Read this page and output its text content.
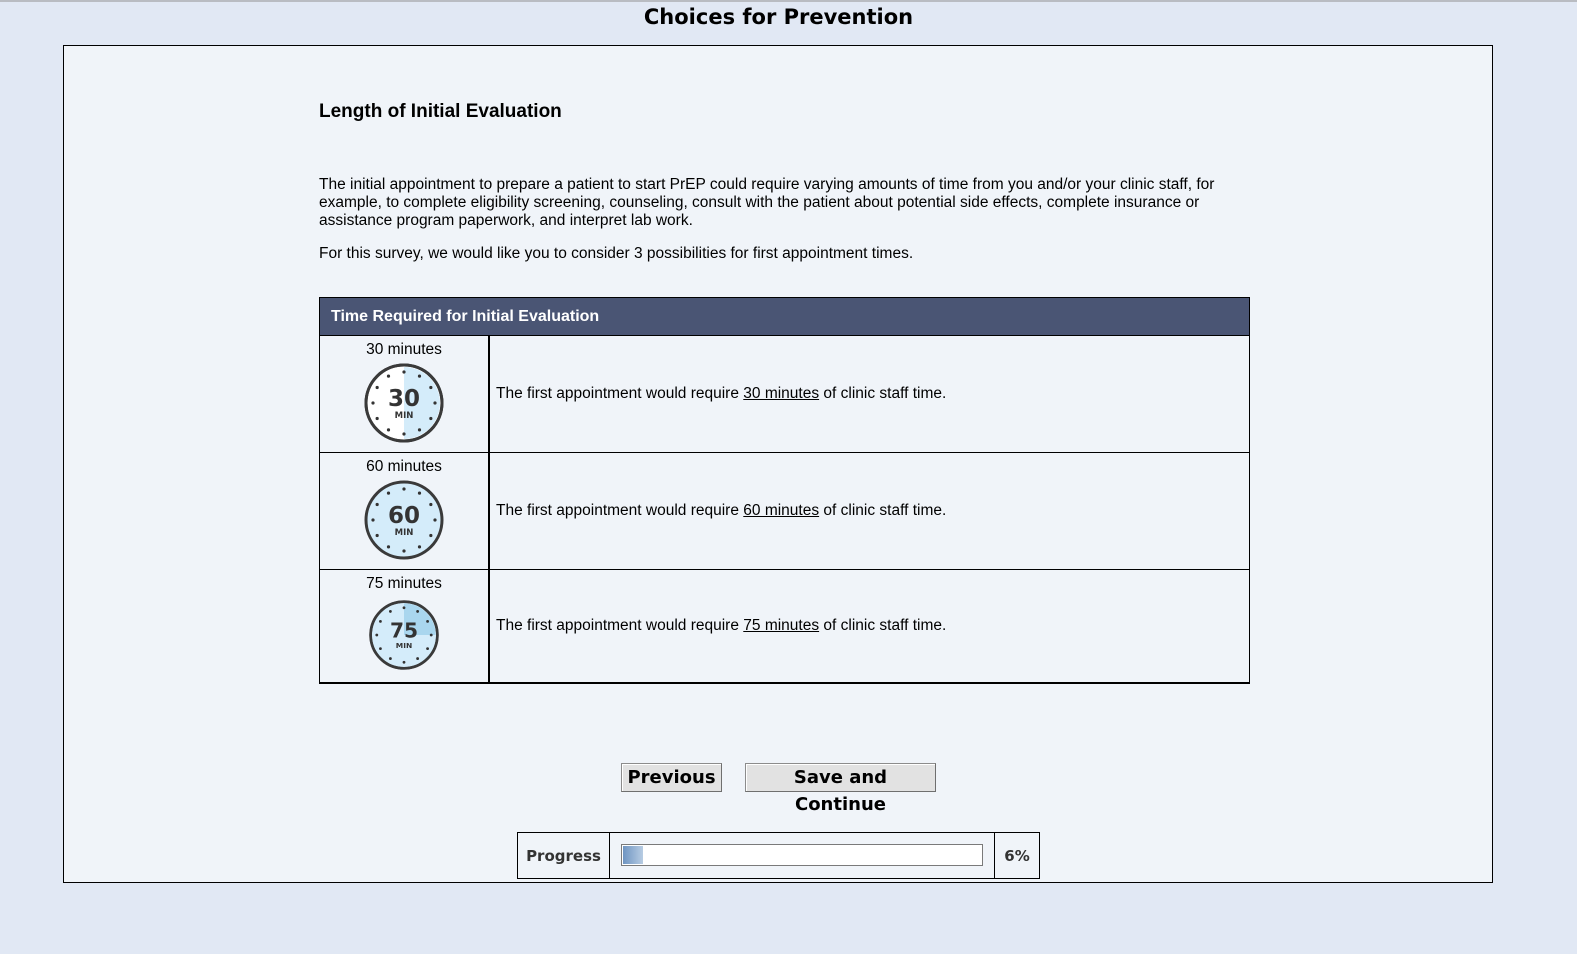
Choices for Prevention
Length of Initial Evaluation

The initial appointment to prepare a patient to start PrEP could require varying amounts of time from you and/or your clinic staff, for example, to complete eligibility screening, counseling, consult with the patient about potential side effects, complete insurance or assistance program paperwork, and interpret lab work.

For this survey, we would like you to consider 3 possibilities for first appointment times.

Time Required for Initial Evaluation
30 minutes
30
MIN
The first appointment would require 30 minutes of clinic staff time.
60 minutes
60
MIN
The first appointment would require 60 minutes of clinic staff time.
75 minutes
75
MIN
The first appointment would require 75 minutes of clinic staff time.
Previous	Save and Continue
Progress	6%
